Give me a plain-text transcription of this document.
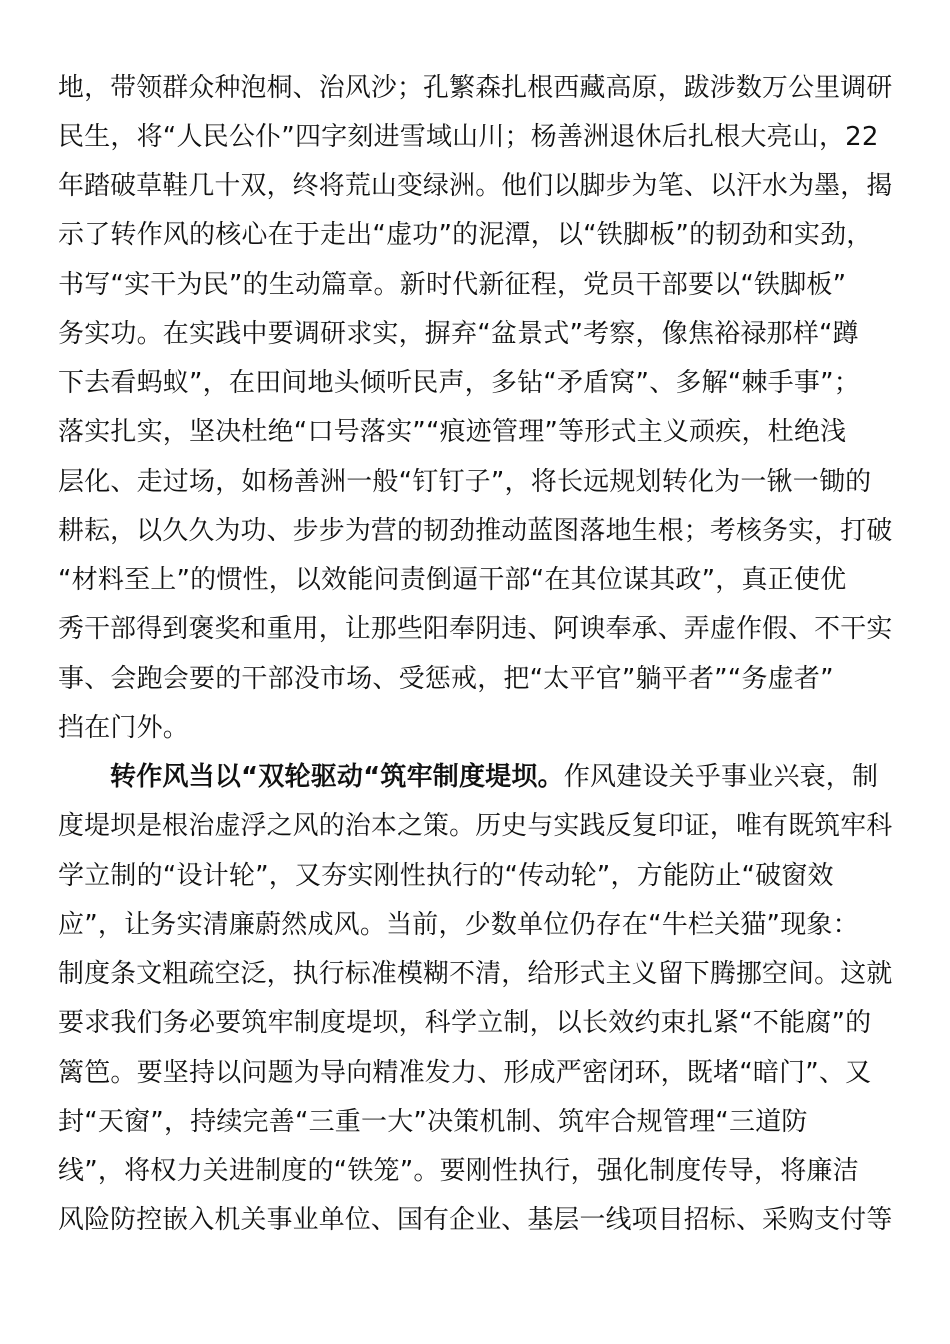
地，带领群众种泡桐、治风沙；孔繁森扎根西藏高原，跋涉数万公里调研
民生，将“人民公仆”四字刻进雪域山川；杨善洲退休后扎根大亮山，22
年踏破草鞋几十双，终将荒山变绿洲。他们以脚步为笔、以汗水为墨，揭
示了转作风的核心在于走出“虚功”的泥潭，以“铁脚板”的韧劲和实劲，
书写“实干为民”的生动篇章。新时代新征程，党员干部要以“铁脚板”
务实功。在实践中要调研求实，摒弃“盆景式”考察，像焦裕禄那样“蹲
下去看蚂蚁”，在田间地头倾听民声，多钻“矛盾窝”、多解“棘手事”；
落实扎实，坚决杜绝“口号落实”“痕迹管理”等形式主义顽疾，杜绝浅
层化、走过场，如杨善洲一般“钉钉子”，将长远规划转化为一锹一锄的
耕耘，以久久为功、步步为营的韧劲推动蓝图落地生根；考核务实，打破
“材料至上”的惯性，以效能问责倒逼干部“在其位谋其政”，真正使优
秀干部得到褒奖和重用，让那些阳奉阴违、阿谀奉承、弄虚作假、不干实
事、会跑会要的干部没市场、受惩戒，把“太平官”躺平者”“务虚者”
挡在门外。
转作风当以“双轮驱动“筑牢制度堤坝。作风建设关乎事业兴衰，制
度堤坝是根治虚浮之风的治本之策。历史与实践反复印证，唯有既筑牢科
学立制的“设计轮”，又夯实刚性执行的“传动轮”，方能防止“破窗效
应”，让务实清廉蔚然成风。当前，少数单位仍存在“牛栏关猫”现象：
制度条文粗疏空泛，执行标准模糊不清，给形式主义留下腾挪空间。这就
要求我们务必要筑牢制度堤坝，科学立制，以长效约束扎紧“不能腐”的
篱笆。要坚持以问题为导向精准发力、形成严密闭环，既堵“暗门”、又
封“天窗”，持续完善“三重一大”决策机制、筑牢合规管理“三道防
线”，将权力关进制度的“铁笼”。要刚性执行，强化制度传导，将廉洁
风险防控嵌入机关事业单位、国有企业、基层一线项目招标、采购支付等
